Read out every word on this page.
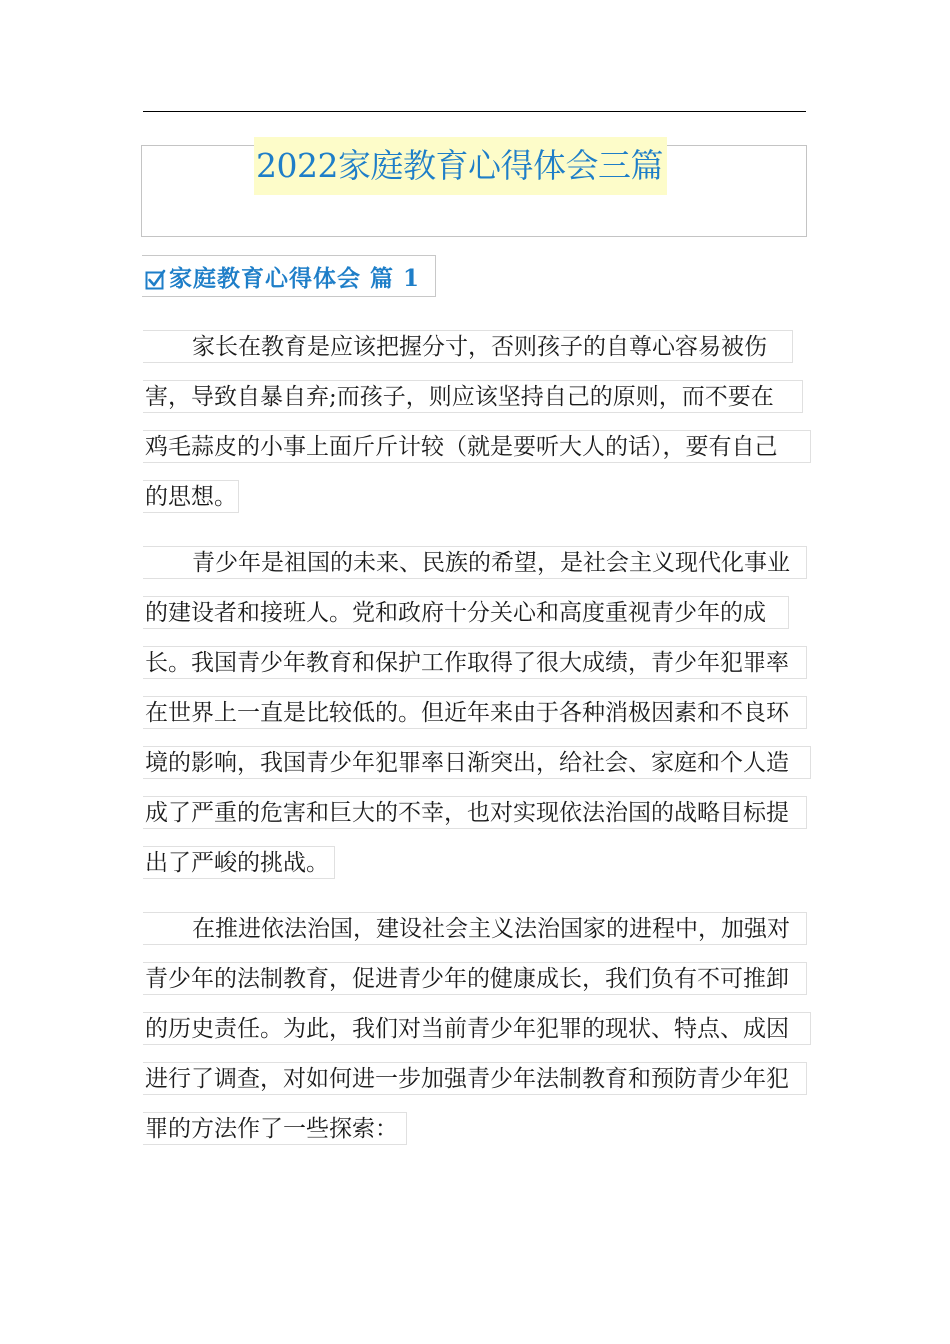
2022家庭教育心得体会三篇
家庭教育心得体会 篇 1
家长在教育是应该把握分寸，否则孩子的自尊心容易被伤
害，导致自暴自弃;而孩子，则应该坚持自己的原则，而不要在
鸡毛蒜皮的小事上面斤斤计较（就是要听大人的话），要有自己
的思想。
青少年是祖国的未来、民族的希望，是社会主义现代化事业
的建设者和接班人。党和政府十分关心和高度重视青少年的成
长。我国青少年教育和保护工作取得了很大成绩，青少年犯罪率
在世界上一直是比较低的。但近年来由于各种消极因素和不良环
境的影响，我国青少年犯罪率日渐突出，给社会、家庭和个人造
成了严重的危害和巨大的不幸，也对实现依法治国的战略目标提
出了严峻的挑战。
在推进依法治国，建设社会主义法治国家的进程中，加强对
青少年的法制教育，促进青少年的健康成长，我们负有不可推卸
的历史责任。为此，我们对当前青少年犯罪的现状、特点、成因
进行了调查，对如何进一步加强青少年法制教育和预防青少年犯
罪的方法作了一些探索：
